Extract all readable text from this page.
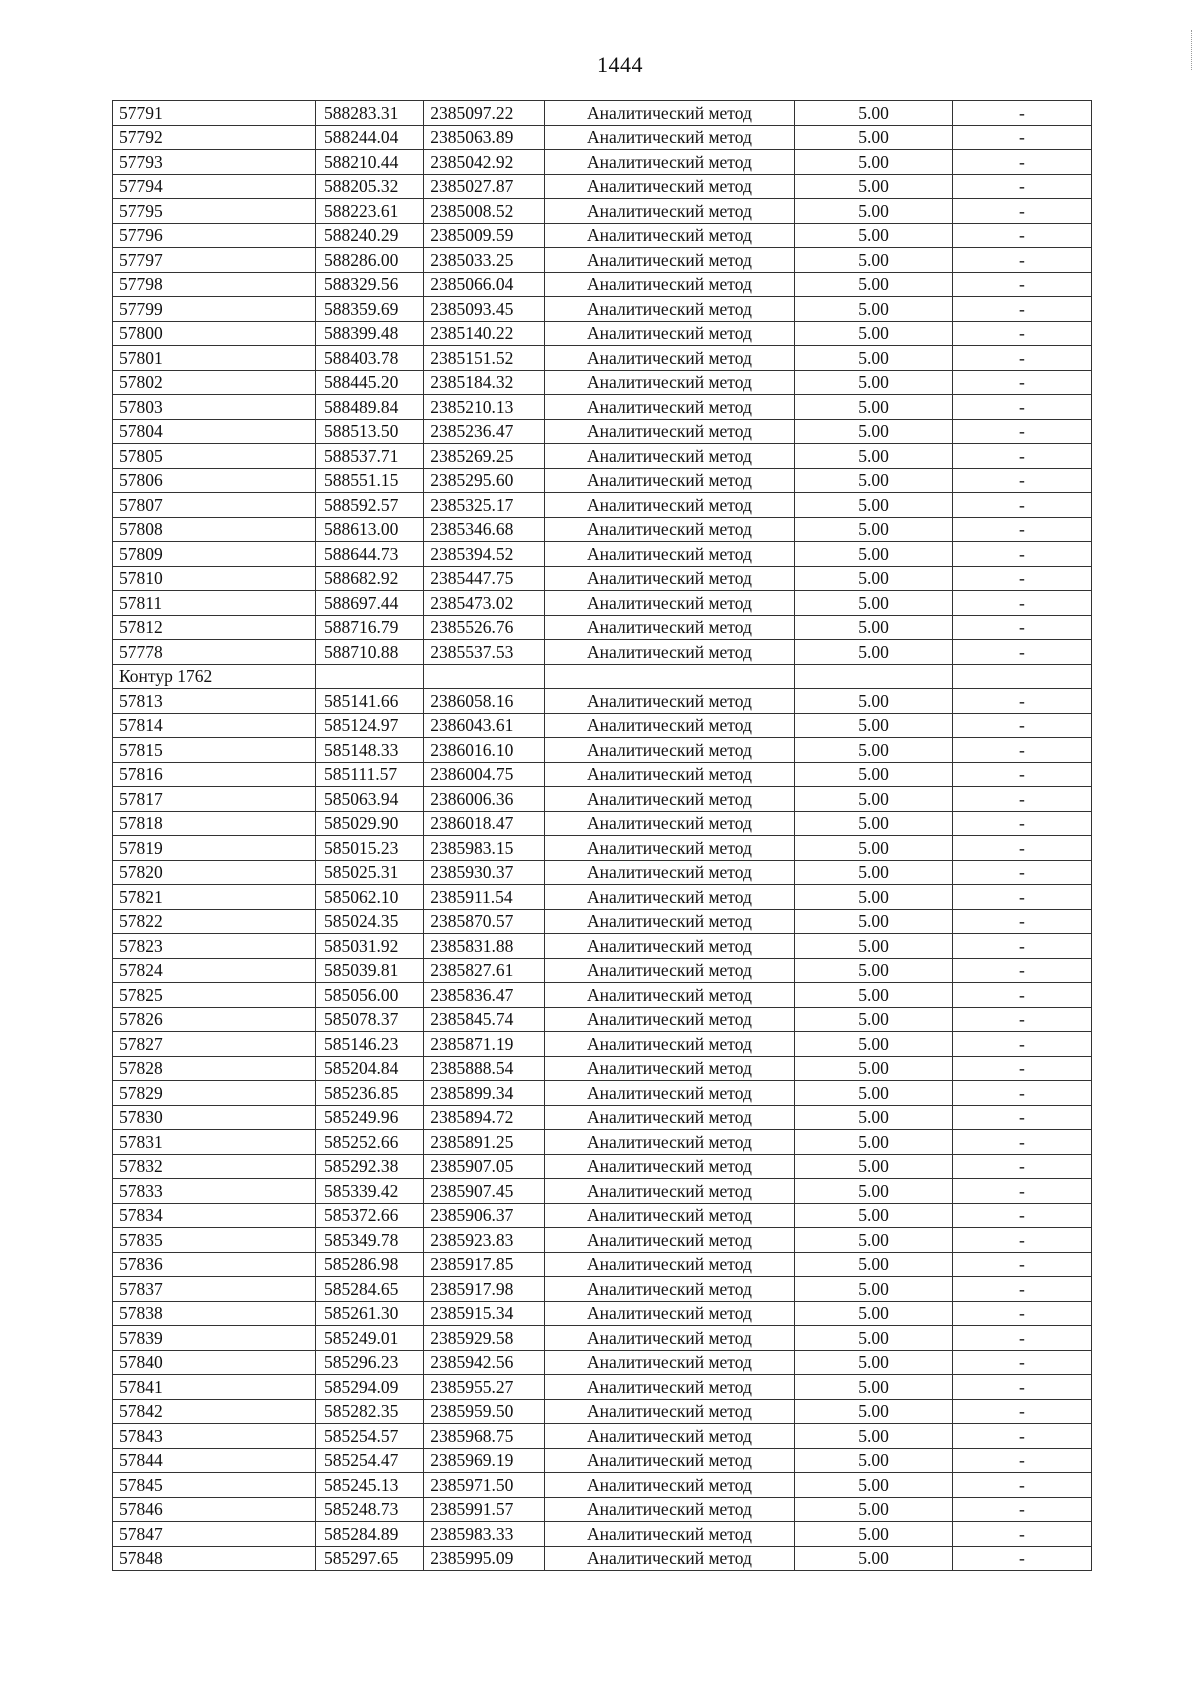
1444
57791	588283.31	2385097.22	Аналитический метод	5.00	-
57792	588244.04	2385063.89	Аналитический метод	5.00	-
57793	588210.44	2385042.92	Аналитический метод	5.00	-
57794	588205.32	2385027.87	Аналитический метод	5.00	-
57795	588223.61	2385008.52	Аналитический метод	5.00	-
57796	588240.29	2385009.59	Аналитический метод	5.00	-
57797	588286.00	2385033.25	Аналитический метод	5.00	-
57798	588329.56	2385066.04	Аналитический метод	5.00	-
57799	588359.69	2385093.45	Аналитический метод	5.00	-
57800	588399.48	2385140.22	Аналитический метод	5.00	-
57801	588403.78	2385151.52	Аналитический метод	5.00	-
57802	588445.20	2385184.32	Аналитический метод	5.00	-
57803	588489.84	2385210.13	Аналитический метод	5.00	-
57804	588513.50	2385236.47	Аналитический метод	5.00	-
57805	588537.71	2385269.25	Аналитический метод	5.00	-
57806	588551.15	2385295.60	Аналитический метод	5.00	-
57807	588592.57	2385325.17	Аналитический метод	5.00	-
57808	588613.00	2385346.68	Аналитический метод	5.00	-
57809	588644.73	2385394.52	Аналитический метод	5.00	-
57810	588682.92	2385447.75	Аналитический метод	5.00	-
57811	588697.44	2385473.02	Аналитический метод	5.00	-
57812	588716.79	2385526.76	Аналитический метод	5.00	-
57778	588710.88	2385537.53	Аналитический метод	5.00	-
Контур 1762					
57813	585141.66	2386058.16	Аналитический метод	5.00	-
57814	585124.97	2386043.61	Аналитический метод	5.00	-
57815	585148.33	2386016.10	Аналитический метод	5.00	-
57816	585111.57	2386004.75	Аналитический метод	5.00	-
57817	585063.94	2386006.36	Аналитический метод	5.00	-
57818	585029.90	2386018.47	Аналитический метод	5.00	-
57819	585015.23	2385983.15	Аналитический метод	5.00	-
57820	585025.31	2385930.37	Аналитический метод	5.00	-
57821	585062.10	2385911.54	Аналитический метод	5.00	-
57822	585024.35	2385870.57	Аналитический метод	5.00	-
57823	585031.92	2385831.88	Аналитический метод	5.00	-
57824	585039.81	2385827.61	Аналитический метод	5.00	-
57825	585056.00	2385836.47	Аналитический метод	5.00	-
57826	585078.37	2385845.74	Аналитический метод	5.00	-
57827	585146.23	2385871.19	Аналитический метод	5.00	-
57828	585204.84	2385888.54	Аналитический метод	5.00	-
57829	585236.85	2385899.34	Аналитический метод	5.00	-
57830	585249.96	2385894.72	Аналитический метод	5.00	-
57831	585252.66	2385891.25	Аналитический метод	5.00	-
57832	585292.38	2385907.05	Аналитический метод	5.00	-
57833	585339.42	2385907.45	Аналитический метод	5.00	-
57834	585372.66	2385906.37	Аналитический метод	5.00	-
57835	585349.78	2385923.83	Аналитический метод	5.00	-
57836	585286.98	2385917.85	Аналитический метод	5.00	-
57837	585284.65	2385917.98	Аналитический метод	5.00	-
57838	585261.30	2385915.34	Аналитический метод	5.00	-
57839	585249.01	2385929.58	Аналитический метод	5.00	-
57840	585296.23	2385942.56	Аналитический метод	5.00	-
57841	585294.09	2385955.27	Аналитический метод	5.00	-
57842	585282.35	2385959.50	Аналитический метод	5.00	-
57843	585254.57	2385968.75	Аналитический метод	5.00	-
57844	585254.47	2385969.19	Аналитический метод	5.00	-
57845	585245.13	2385971.50	Аналитический метод	5.00	-
57846	585248.73	2385991.57	Аналитический метод	5.00	-
57847	585284.89	2385983.33	Аналитический метод	5.00	-
57848	585297.65	2385995.09	Аналитический метод	5.00	-
